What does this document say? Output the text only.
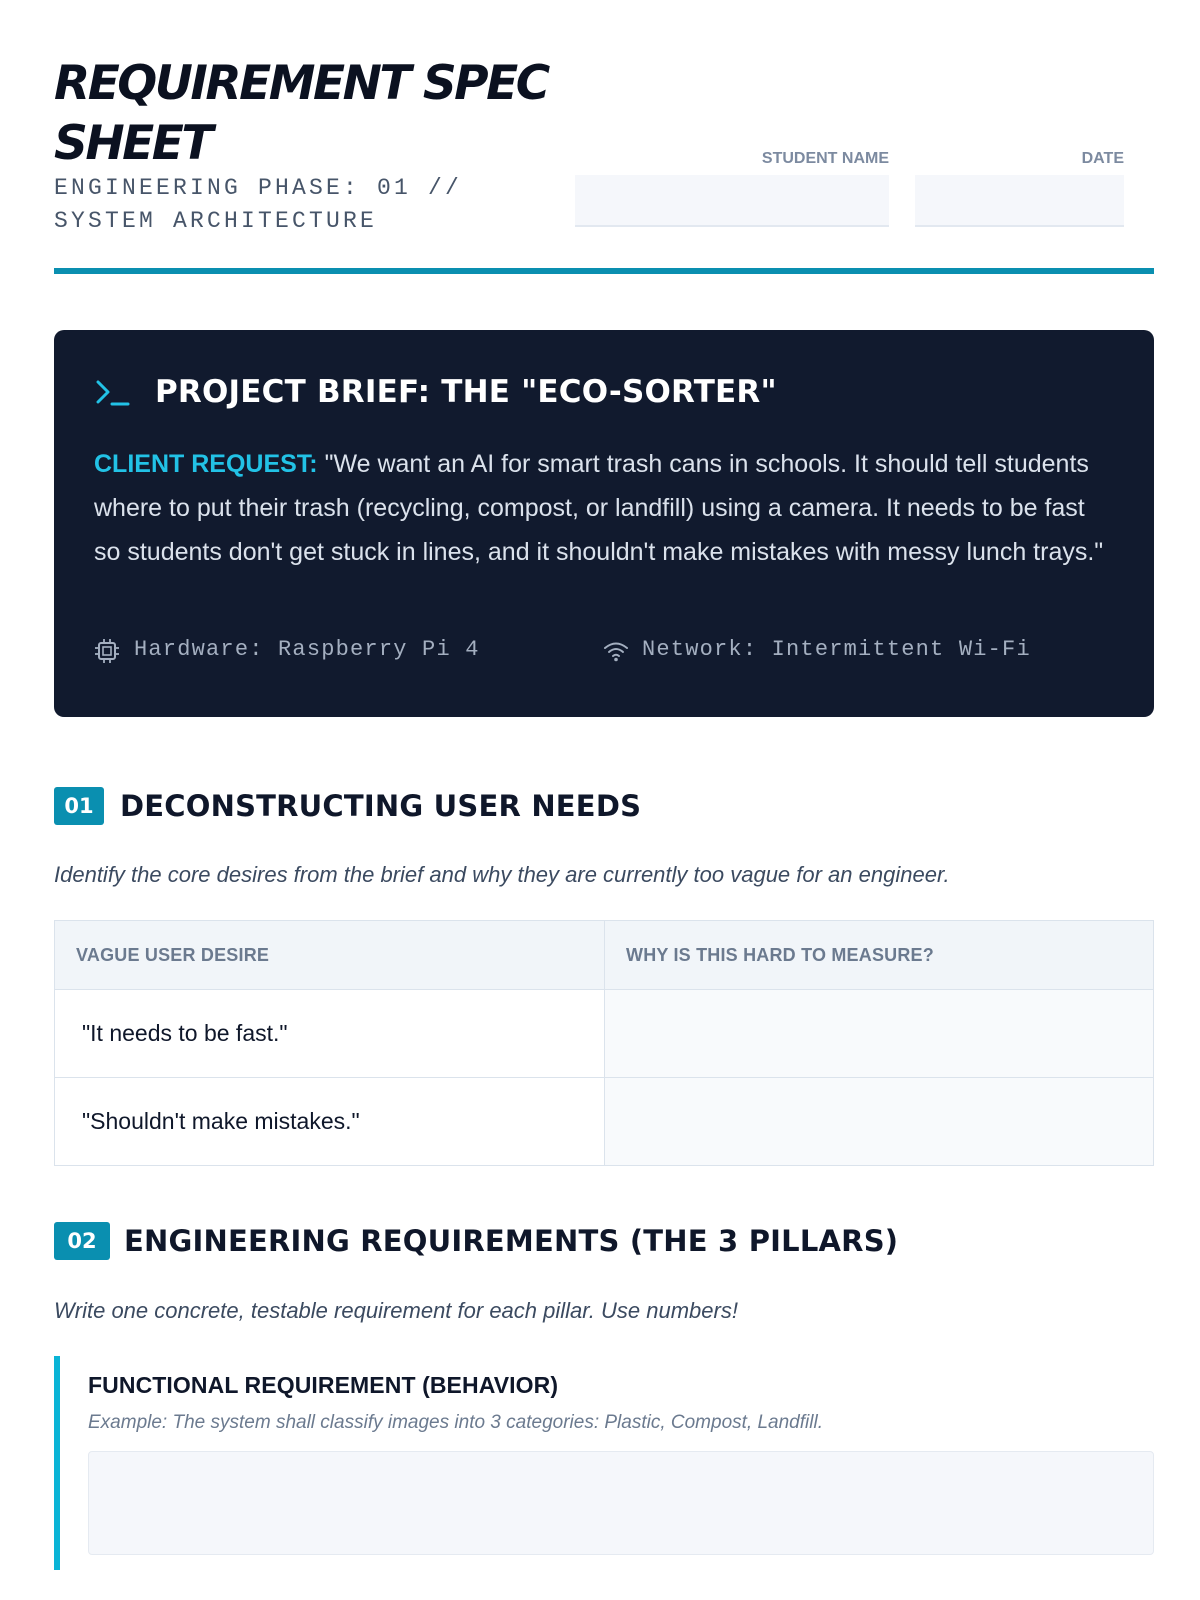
REQUIREMENT SPEC
SHEET
ENGINEERING PHASE: 01 // SYSTEM ARCHITECTURE
STUDENT NAME	DATE
PROJECT BRIEF: THE "ECO-SORTER"

CLIENT REQUEST: "We want an AI for smart trash cans in schools. It should tell students where to put their trash (recycling, compost, or landfill) using a camera. It needs to be fast so students don't get stuck in lines, and it shouldn't make mistakes with messy lunch trays."

Hardware: Raspberry Pi 4	Network: Intermittent Wi-Fi
01 DECONSTRUCTING USER NEEDS
Identify the core desires from the brief and why they are currently too vague for an engineer.
VAGUE USER DESIRE	WHY IS THIS HARD TO MEASURE?
"It needs to be fast."
"Shouldn't make mistakes."
02 ENGINEERING REQUIREMENTS (THE 3 PILLARS)
Write one concrete, testable requirement for each pillar. Use numbers!
FUNCTIONAL REQUIREMENT (BEHAVIOR)
Example: The system shall classify images into 3 categories: Plastic, Compost, Landfill.
